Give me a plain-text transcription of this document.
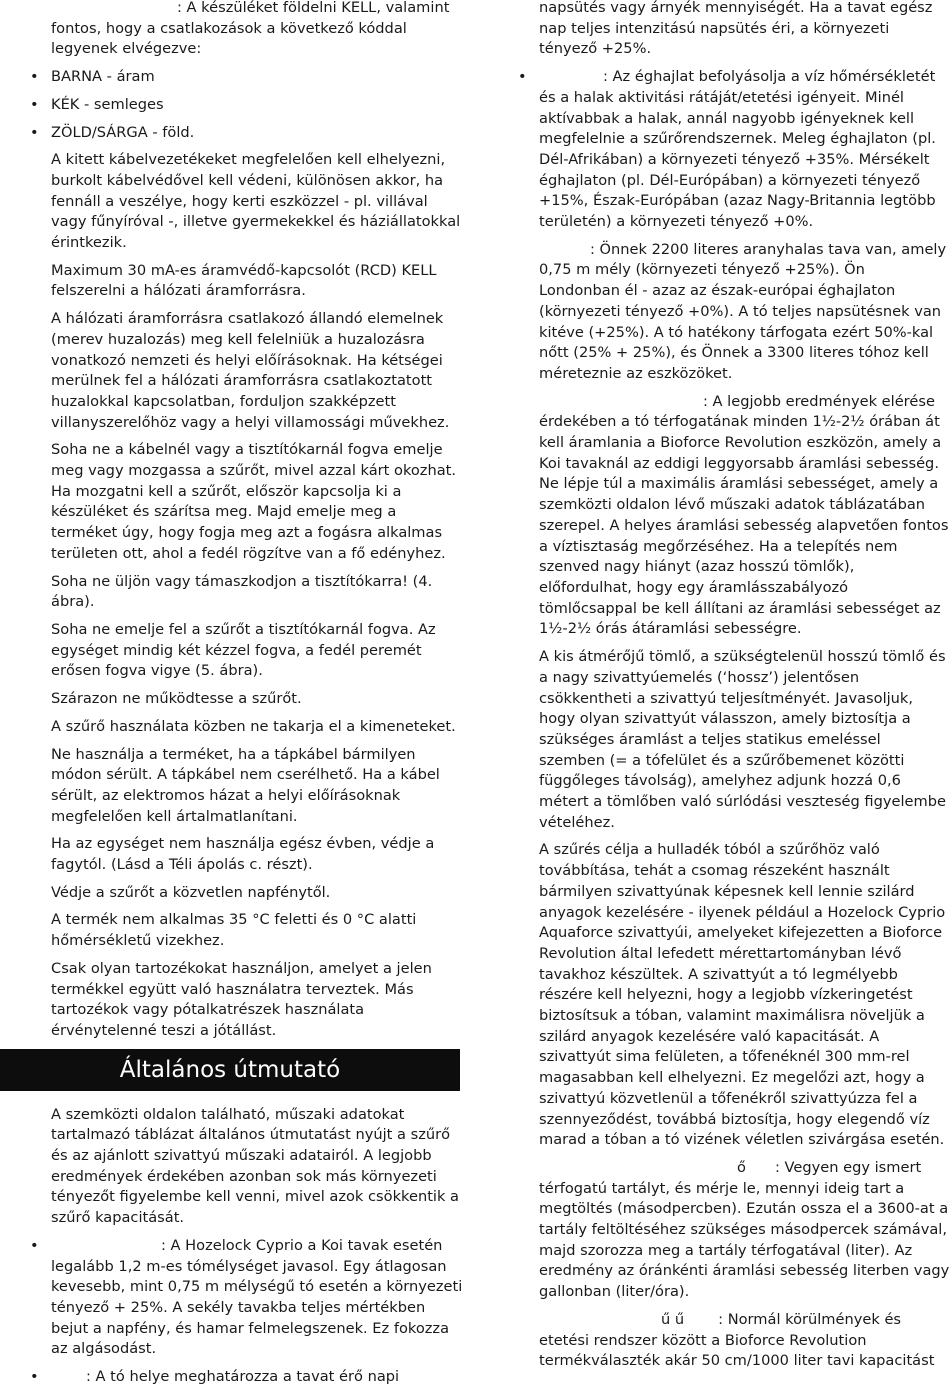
: A készüléket földelni KELL, valamint fontos, hogy a csatlakozások a következő kóddal legyenek elvégezve:

• BARNA - áram
• KÉK - semleges
• ZÖLD/SÁRGA - föld.

A kitett kábelvezetékeket megfelelően kell elhelyezni, burkolt kábelvédővel kell védeni, különösen akkor, ha fennáll a veszélye, hogy kerti eszközzel - pl. villával vagy fűnyíróval -, illetve gyermekekkel és háziállatokkal érintkezik.

Maximum 30 mA-es áramvédő-kapcsolót (RCD) KELL felszerelni a hálózati áramforrásra.

A hálózati áramforrásra csatlakozó állandó elemelnek (merev huzalozás) meg kell felelniük a huzalozásra vonatkozó nemzeti és helyi előírásoknak. Ha kétségei merülnek fel a hálózati áramforrásra csatlakoztatott huzalokkal kapcsolatban, forduljon szakképzett villanyszerelőhöz vagy a helyi villamossági művekhez.

Soha ne a kábelnél vagy a tisztítókarnál fogva emelje meg vagy mozgassa a szűrőt, mivel azzal kárt okozhat. Ha mozgatni kell a szűrőt, először kapcsolja ki a készüléket és szárítsa meg. Majd emelje meg a terméket úgy, hogy fogja meg azt a fogásra alkalmas területen ott, ahol a fedél rögzítve van a fő edényhez.

Soha ne üljön vagy támaszkodjon a tisztítókarra! (4. ábra).

Soha ne emelje fel a szűrőt a tisztítókarnál fogva. Az egységet mindig két kézzel fogva, a fedél peremét erősen fogva vigye (5. ábra).

Szárazon ne működtesse a szűrőt.

A szűrő használata közben ne takarja el a kimeneteket.

Ne használja a terméket, ha a tápkábel bármilyen módon sérült. A tápkábel nem cserélhető. Ha a kábel sérült, az elektromos házat a helyi előírásoknak megfelelően kell ártalmatlanítani.

Ha az egységet nem használja egész évben, védje a fagytól. (Lásd a Téli ápolás c. részt).

Védje a szűrőt a közvetlen napfénytől.

A termék nem alkalmas 35 °C feletti és 0 °C alatti hőmérsékletű vizekhez.

Csak olyan tartozékokat használjon, amelyet a jelen termékkel együtt való használatra terveztek. Más tartozékok vagy pótalkatrészek használata érvénytelenné teszi a jótállást.

Általános útmutató

A szemközti oldalon található, műszaki adatokat tartalmazó táblázat általános útmutatást nyújt a szűrő és az ajánlott szivattyú műszaki adatairól. A legjobb eredmények érdekében azonban sok más környezeti tényezőt figyelembe kell venni, mivel azok csökkentik a szűrő kapacitását.

• : A Hozelock Cyprio a Koi tavak esetén legalább 1,2 m-es tómélységet javasol. Egy átlagosan kevesebb, mint 0,75 m mélységű tó esetén a környezeti tényező + 25%. A sekély tavakba teljes mértékben bejut a napfény, és hamar felmelegszenek. Ez fokozza az algásodást.
• : A tó helye meghatározza a tavat érő napi

napsütés vagy árnyék mennyiségét. Ha a tavat egész nap teljes intenzitású napsütés éri, a környezeti tényező +25%.

• : Az éghajlat befolyásolja a víz hőmérsékletét és a halak aktivitási rátáját/etetési igényeit. Minél aktívabbak a halak, annál nagyobb igényeknek kell megfelelnie a szűrőrendszernek. Meleg éghajlaton (pl. Dél-Afrikában) a környezeti tényező +35%. Mérsékelt éghajlaton (pl. Dél-Európában) a környezeti tényező +15%, Észak-Európában (azaz Nagy-Britannia legtöbb területén) a környezeti tényező +0%.

: Önnek 2200 literes aranyhalas tava van, amely 0,75 m mély (környezeti tényező +25%). Ön Londonban él - azaz az észak-európai éghajlaton (környezeti tényező +0%). A tó teljes napsütésnek van kitéve (+25%). A tó hatékony tárfogata ezért 50%-kal nőtt (25% + 25%), és Önnek a 3300 literes tóhoz kell méreteznie az eszközöket.

: A legjobb eredmények elérése érdekében a tó térfogatának minden 1½-2½ órában át kell áramlania a Bioforce Revolution eszközön, amely a Koi tavaknál az eddigi leggyorsabb áramlási sebesség. Ne lépje túl a maximális áramlási sebességet, amely a szemközti oldalon lévő műszaki adatok táblázatában szerepel. A helyes áramlási sebesség alapvetően fontos a víztisztaság megőrzéséhez. Ha a telepítés nem szenved nagy hiányt (azaz hosszú tömlők), előfordulhat, hogy egy áramlásszabályozó tömlőcsappal be kell állítani az áramlási sebességet az 1½-2½ órás átáramlási sebességre.

A kis átmérőjű tömlő, a szükségtelenül hosszú tömlő és a nagy szivattyúemelés (‘hossz’) jelentősen csökkentheti a szivattyú teljesítményét. Javasoljuk, hogy olyan szivattyút válasszon, amely biztosítja a szükséges áramlást a teljes statikus emeléssel szemben (= a tófelület és a szűrőbemenet közötti függőleges távolság), amelyhez adjunk hozzá 0,6 métert a tömlőben való súrlódási veszteség figyelembe vételéhez.

A szűrés célja a hulladék tóból a szűrőhöz való továbbítása, tehát a csomag részeként használt bármilyen szivattyúnak képesnek kell lennie szilárd anyagok kezelésére - ilyenek például a Hozelock Cyprio Aquaforce szivattyúi, amelyeket kifejezetten a Bioforce Revolution által lefedett mérettartományban lévő tavakhoz készültek. A szivattyút a tó legmélyebb részére kell helyezni, hogy a legjobb vízkeringetést biztosítsuk a tóban, valamint maximálisra növeljük a szilárd anyagok kezelésére való kapacitását. A szivattyút sima felületen, a tőfenéknél 300 mm-rel magasabban kell elhelyezni. Ez megelőzi azt, hogy a szivattyú közvetlenül a tőfenékről szivattyúzza fel a szennyeződést, továbbá biztosítja, hogy elegendő víz marad a tóban a tó vizének véletlen szivárgása esetén.

ő : Vegyen egy ismert térfogatú tartályt, és mérje le, mennyi ideig tart a megtöltés (másodpercben). Ezután ossza el a 3600-at a tartály feltöltéséhez szükséges másodpercek számával, majd szorozza meg a tartály térfogatával (liter). Az eredmény az óránkénti áramlási sebesség literben vagy gallonban (liter/óra).

ű ű : Normál körülmények és etetési rendszer között a Bioforce Revolution termékválaszték akár 50 cm/1000 liter tavi kapacitást
